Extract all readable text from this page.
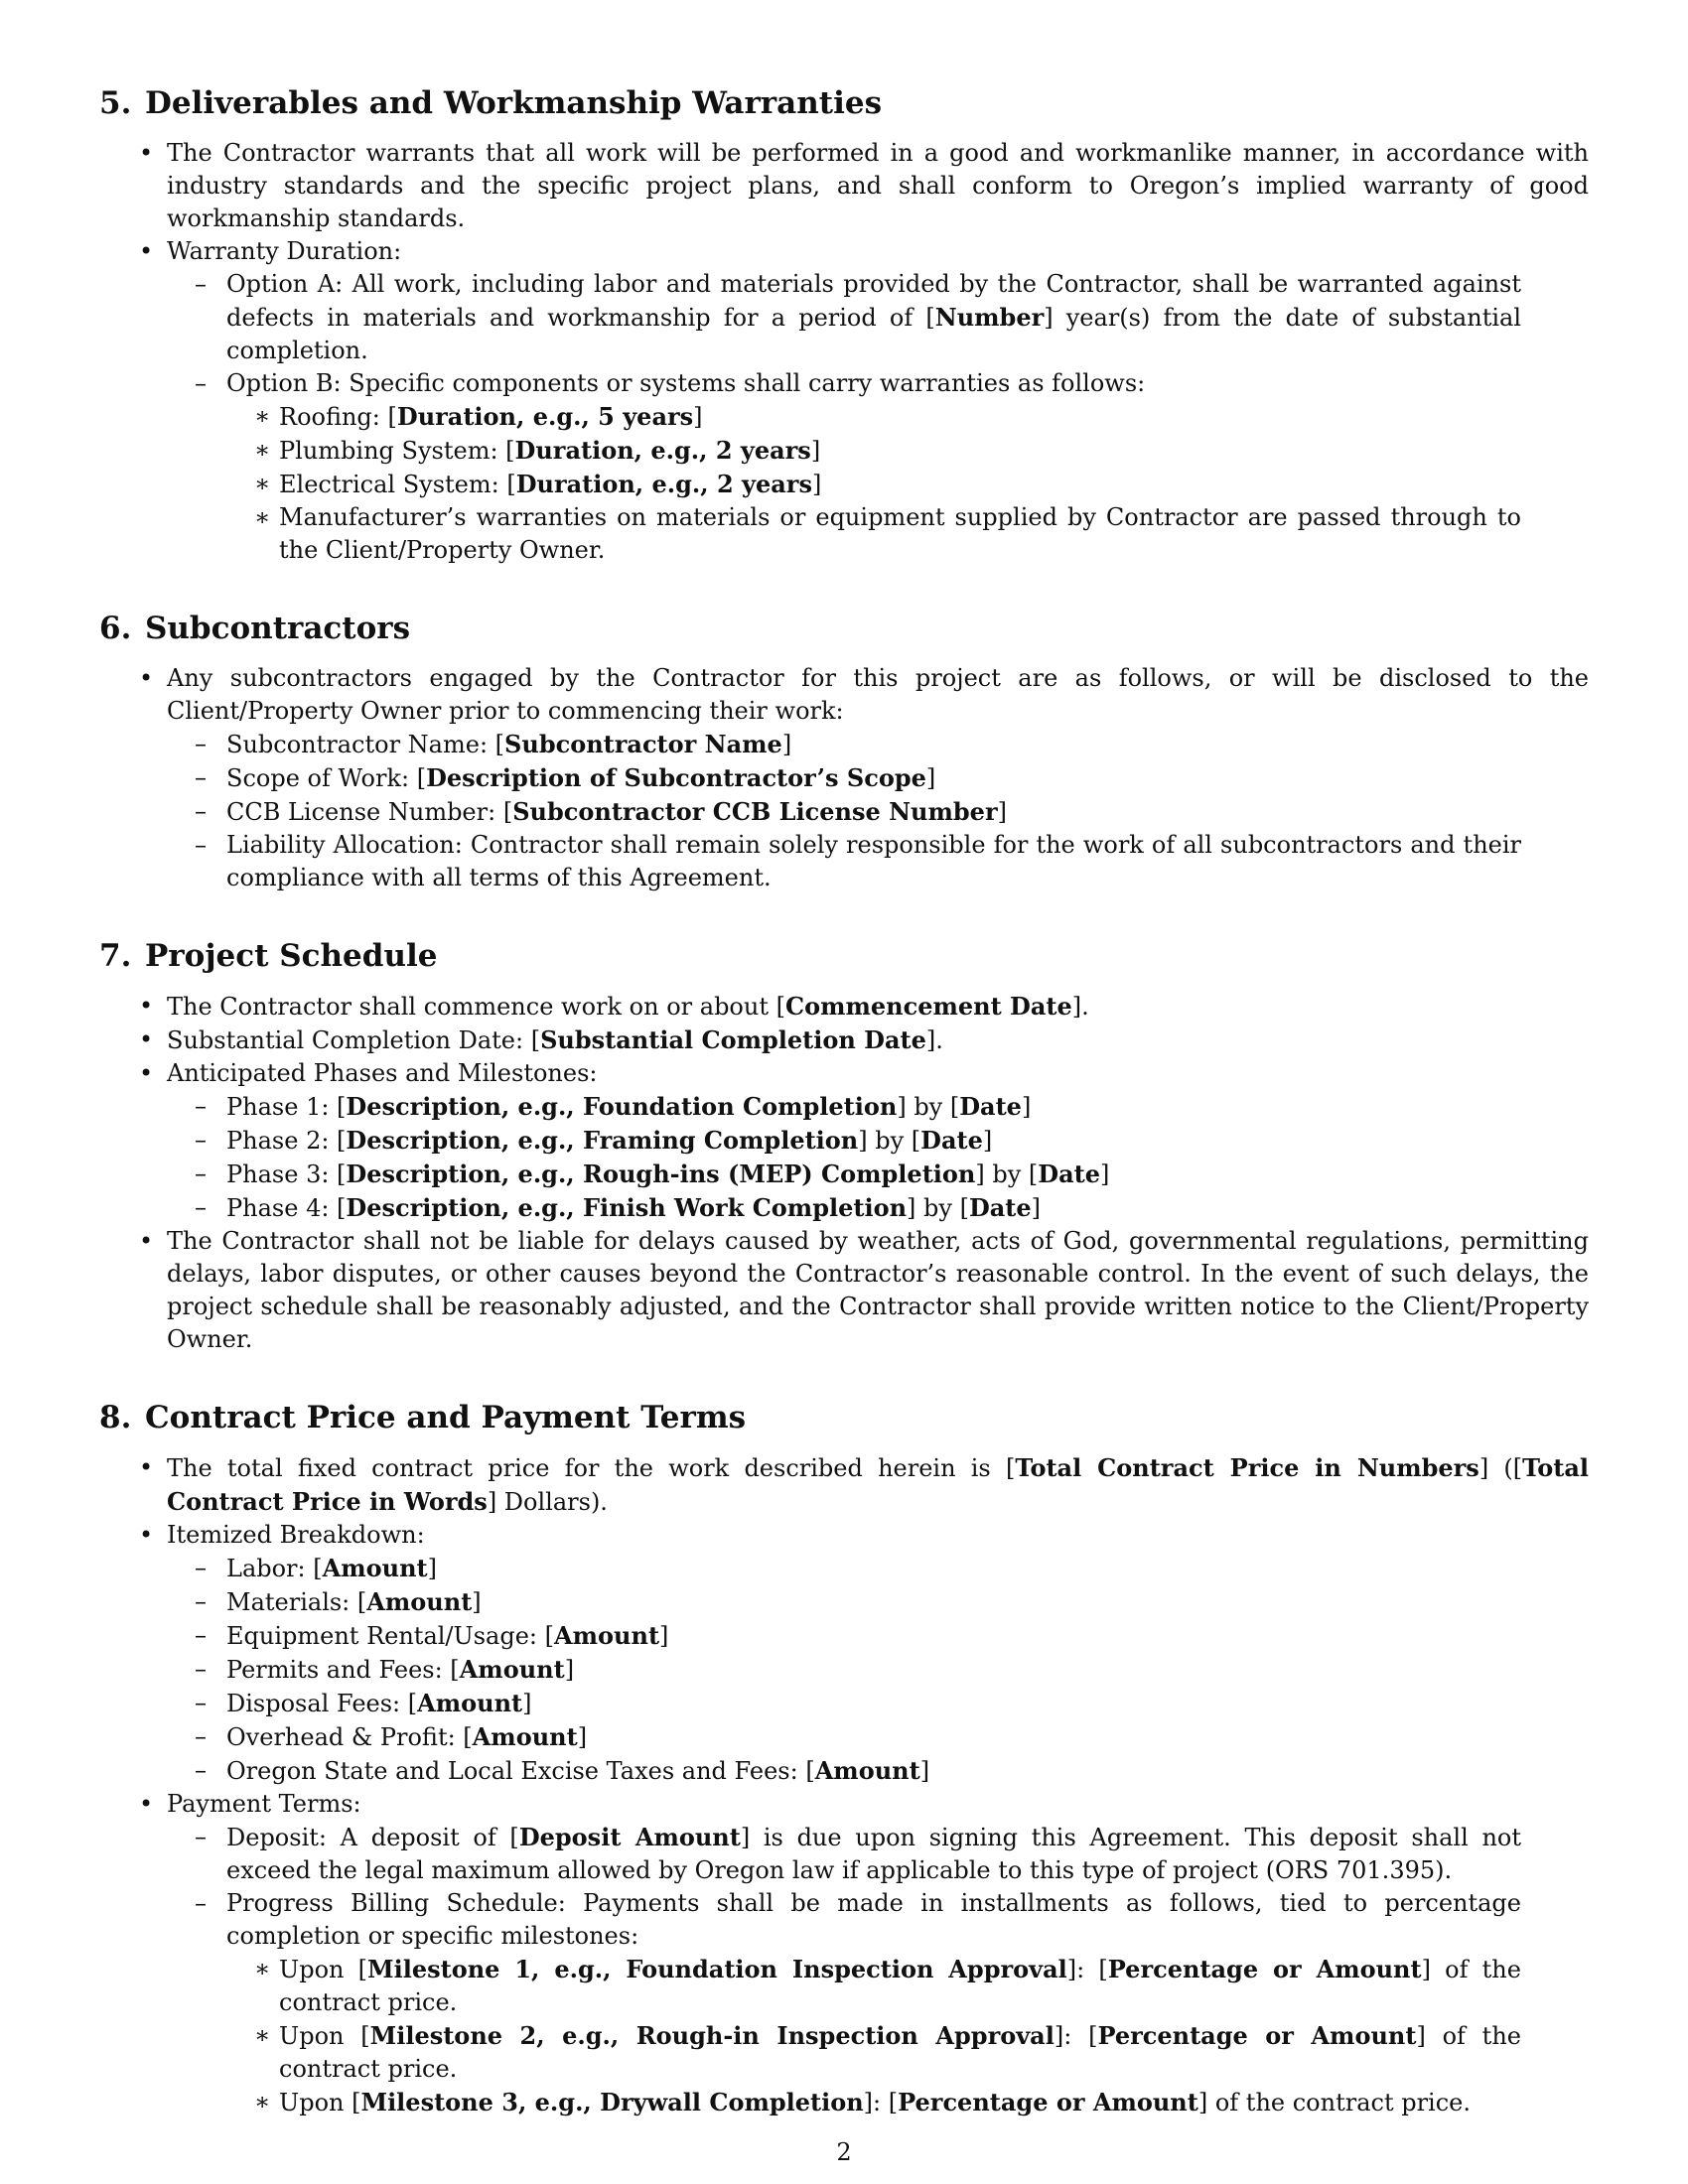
5. Deliverables and Workmanship Warranties
• The Contractor warrants that all work will be performed in a good and workmanlike manner, in accordance with industry standards and the specific project plans, and shall conform to Oregon’s implied warranty of good workmanship standards.
• Warranty Duration:
– Option A: All work, including labor and materials provided by the Contractor, shall be warranted against defects in materials and workmanship for a period of [Number] year(s) from the date of substantial completion.
– Option B: Specific components or systems shall carry warranties as follows:
∗ Roofing: [Duration, e.g., 5 years]
∗ Plumbing System: [Duration, e.g., 2 years]
∗ Electrical System: [Duration, e.g., 2 years]
∗ Manufacturer’s warranties on materials or equipment supplied by Contractor are passed through to the Client/Property Owner.
6. Subcontractors
• Any subcontractors engaged by the Contractor for this project are as follows, or will be disclosed to the Client/Property Owner prior to commencing their work:
– Subcontractor Name: [Subcontractor Name]
– Scope of Work: [Description of Subcontractor’s Scope]
– CCB License Number: [Subcontractor CCB License Number]
– Liability Allocation: Contractor shall remain solely responsible for the work of all subcontractors and their compliance with all terms of this Agreement.
7. Project Schedule
• The Contractor shall commence work on or about [Commencement Date].
• Substantial Completion Date: [Substantial Completion Date].
• Anticipated Phases and Milestones:
– Phase 1: [Description, e.g., Foundation Completion] by [Date]
– Phase 2: [Description, e.g., Framing Completion] by [Date]
– Phase 3: [Description, e.g., Rough-ins (MEP) Completion] by [Date]
– Phase 4: [Description, e.g., Finish Work Completion] by [Date]
• The Contractor shall not be liable for delays caused by weather, acts of God, governmental regulations, permitting delays, labor disputes, or other causes beyond the Contractor’s reasonable control. In the event of such delays, the project schedule shall be reasonably adjusted, and the Contractor shall provide written notice to the Client/Property Owner.
8. Contract Price and Payment Terms
• The total fixed contract price for the work described herein is [Total Contract Price in Numbers] ([Total Contract Price in Words] Dollars).
• Itemized Breakdown:
– Labor: [Amount]
– Materials: [Amount]
– Equipment Rental/Usage: [Amount]
– Permits and Fees: [Amount]
– Disposal Fees: [Amount]
– Overhead & Profit: [Amount]
– Oregon State and Local Excise Taxes and Fees: [Amount]
• Payment Terms:
– Deposit: A deposit of [Deposit Amount] is due upon signing this Agreement. This deposit shall not exceed the legal maximum allowed by Oregon law if applicable to this type of project (ORS 701.395).
– Progress Billing Schedule: Payments shall be made in installments as follows, tied to percentage completion or specific milestones:
∗ Upon [Milestone 1, e.g., Foundation Inspection Approval]: [Percentage or Amount] of the contract price.
∗ Upon [Milestone 2, e.g., Rough-in Inspection Approval]: [Percentage or Amount] of the contract price.
∗ Upon [Milestone 3, e.g., Drywall Completion]: [Percentage or Amount] of the contract price.
2
